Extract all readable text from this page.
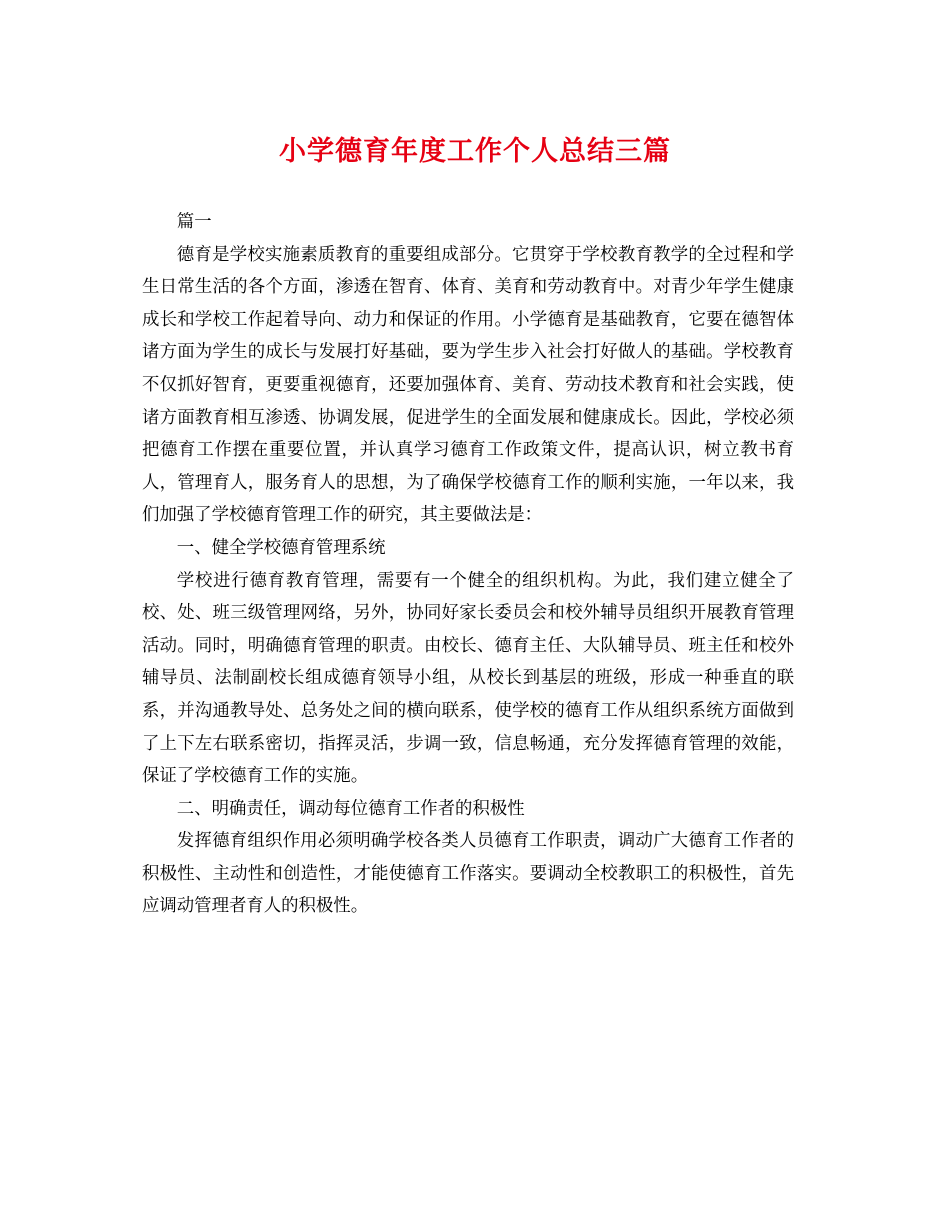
小学德育年度工作个人总结三篇

篇一

德育是学校实施素质教育的重要组成部分。它贯穿于学校教育教学的全过程和学生日常生活的各个方面，渗透在智育、体育、美育和劳动教育中。对青少年学生健康成长和学校工作起着导向、动力和保证的作用。小学德育是基础教育，它要在德智体诸方面为学生的成长与发展打好基础，要为学生步入社会打好做人的基础。学校教育不仅抓好智育，更要重视德育，还要加强体育、美育、劳动技术教育和社会实践，使诸方面教育相互渗透、协调发展，促进学生的全面发展和健康成长。因此，学校必须把德育工作摆在重要位置，并认真学习德育工作政策文件，提高认识，树立教书育人，管理育人，服务育人的思想，为了确保学校德育工作的顺利实施，一年以来，我们加强了学校德育管理工作的研究，其主要做法是：

一、健全学校德育管理系统

学校进行德育教育管理，需要有一个健全的组织机构。为此，我们建立健全了校、处、班三级管理网络，另外，协同好家长委员会和校外辅导员组织开展教育管理活动。同时，明确德育管理的职责。由校长、德育主任、大队辅导员、班主任和校外辅导员、法制副校长组成德育领导小组，从校长到基层的班级，形成一种垂直的联系，并沟通教导处、总务处之间的横向联系，使学校的德育工作从组织系统方面做到了上下左右联系密切，指挥灵活，步调一致，信息畅通，充分发挥德育管理的效能，保证了学校德育工作的实施。

二、明确责任，调动每位德育工作者的积极性

发挥德育组织作用必须明确学校各类人员德育工作职责，调动广大德育工作者的积极性、主动性和创造性，才能使德育工作落实。要调动全校教职工的积极性，首先应调动管理者育人的积极性。
